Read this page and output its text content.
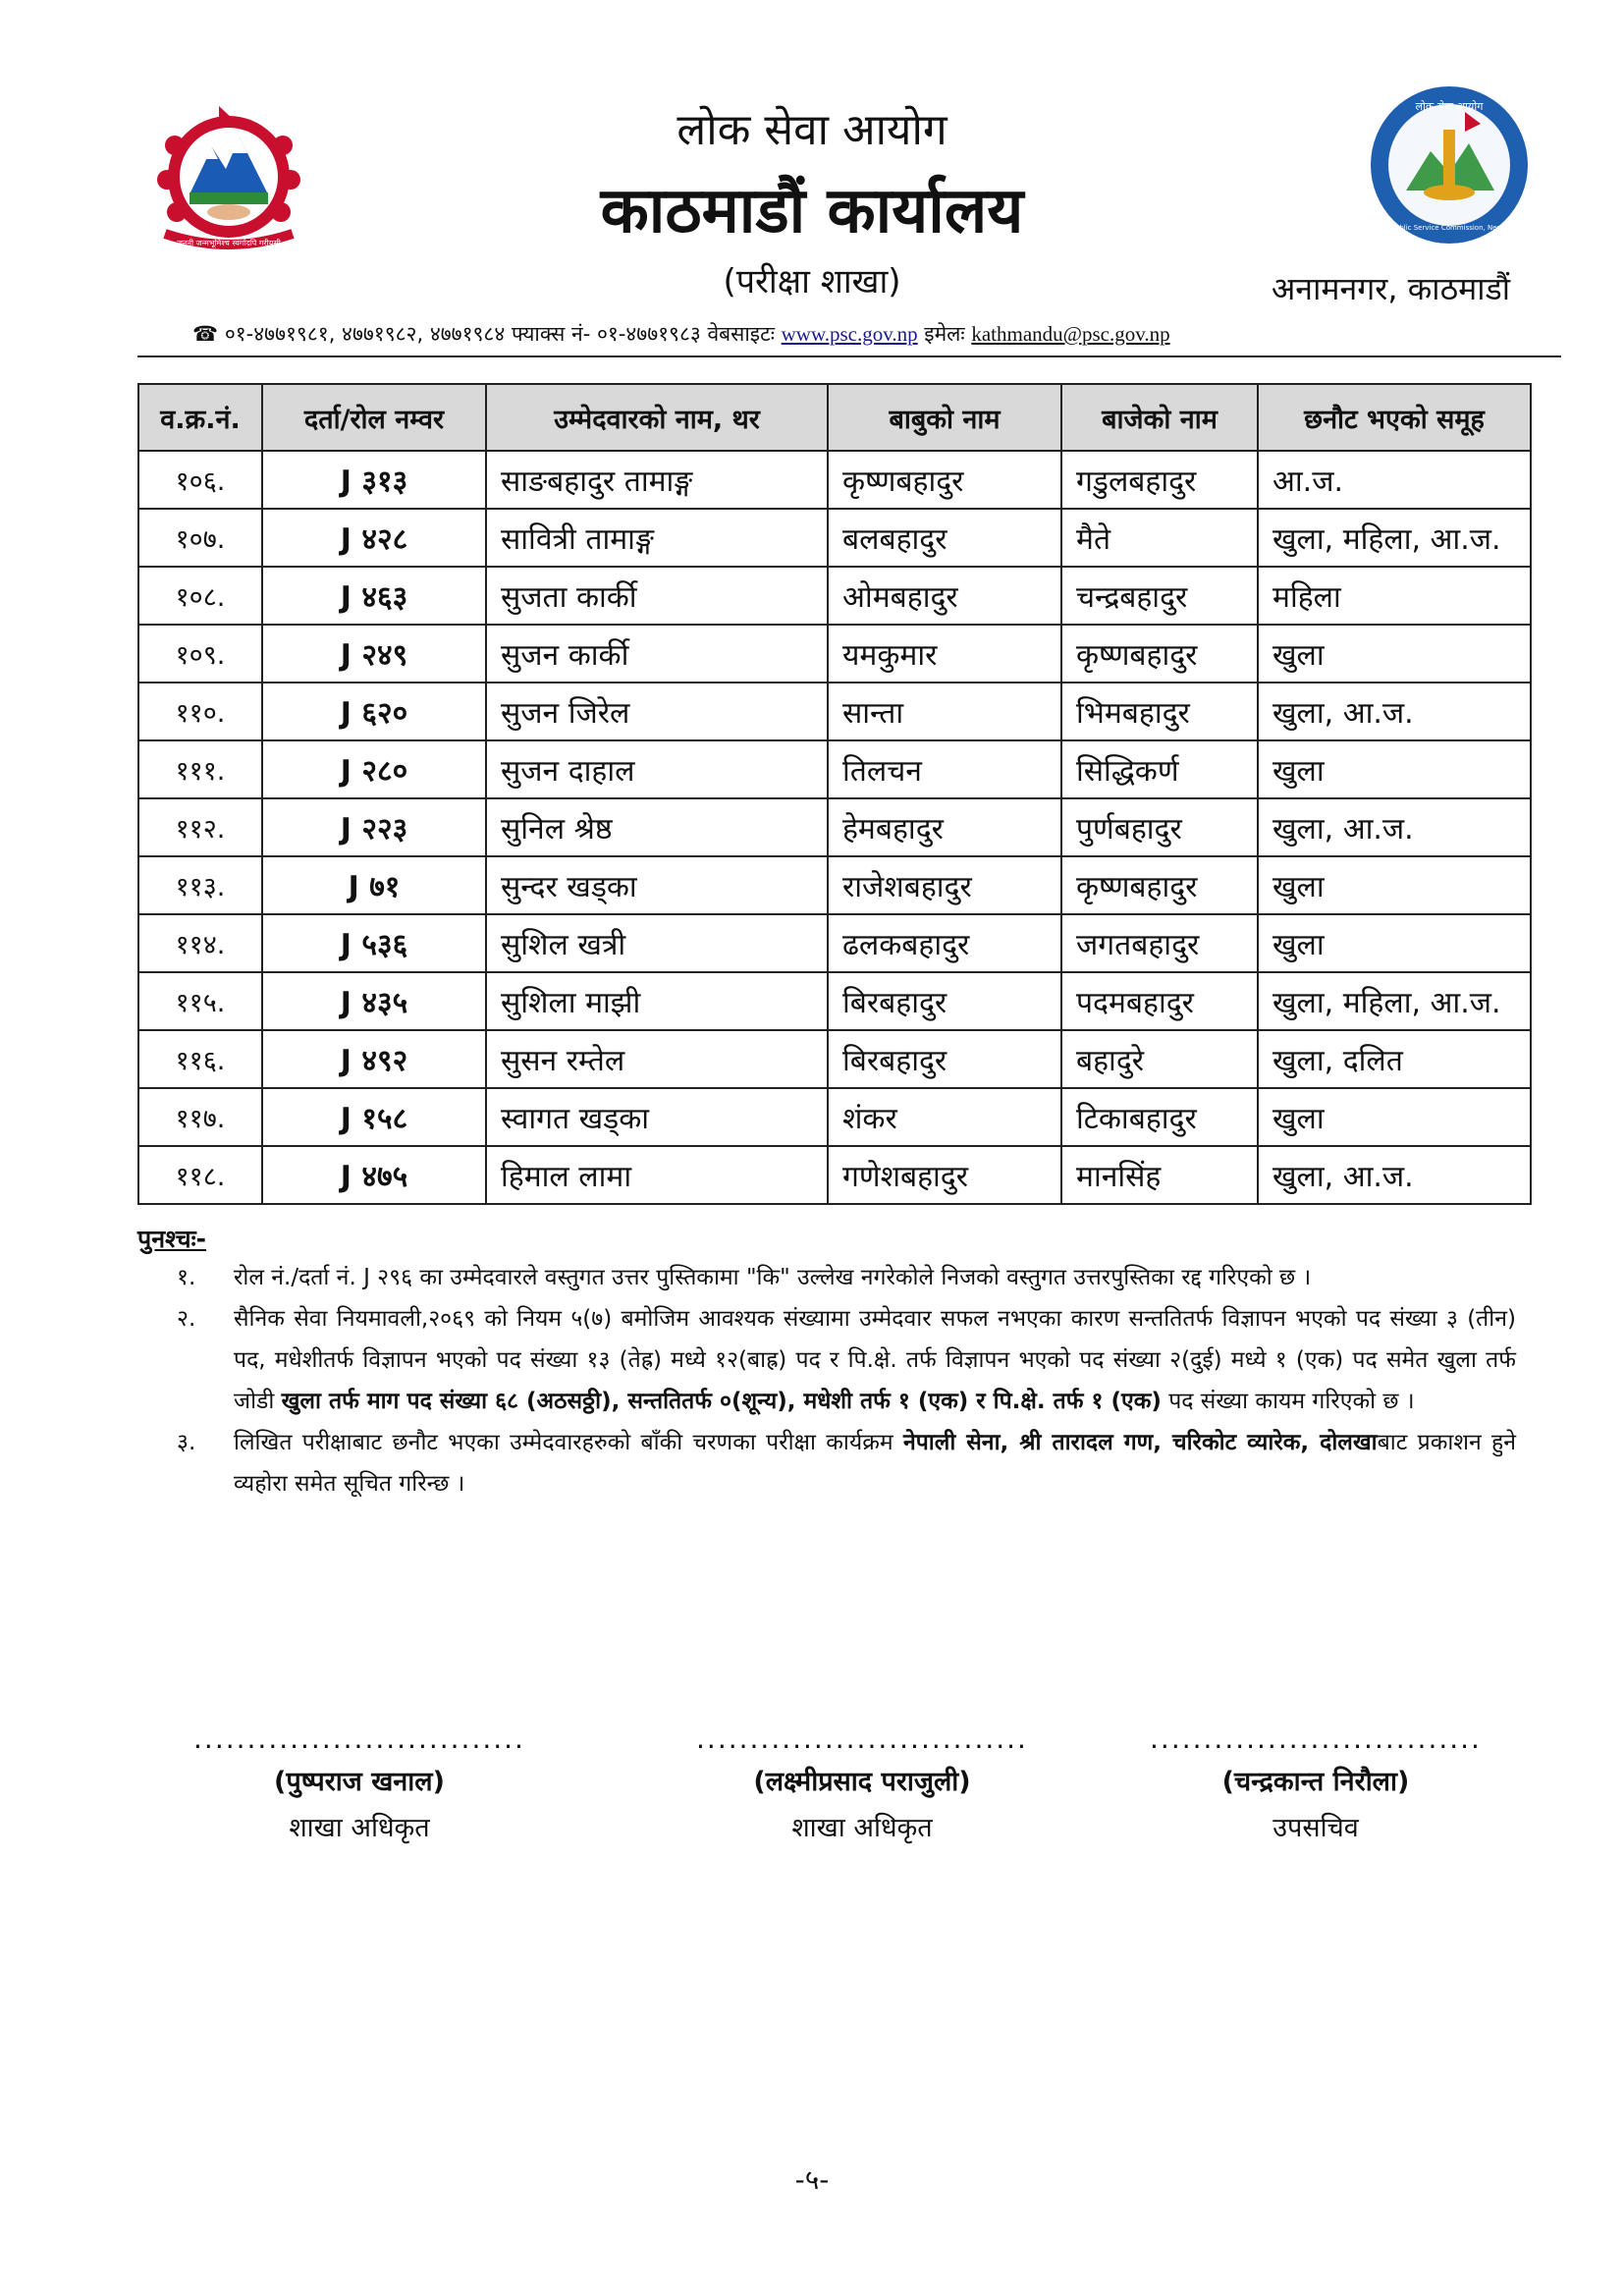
जननी जन्मभूमिश्च स्वर्गादपि गरीयसी
लोक सेवा आयोग
Public Service Commission, Nepal
लोक सेवा आयोग
काठमाडौं कार्यालय
(परीक्षा शाखा)	अनामनगर, काठमाडौं
☎ ०१-४७७१९८१, ४७७१९८२, ४७७१९८४ फ्याक्स नं- ०१-४७७१९८३ वेबसाइटः www.psc.gov.np इमेलः kathmandu@psc.gov.np
व.क्र.नं.	दर्ता/रोल नम्वर	उम्मेदवारको नाम, थर	बाबुको नाम	बाजेको नाम	छनौट भएको समूह
१०६.	J ३१३	साङबहादुर तामाङ्ग	कृष्णबहादुर	गडुलबहादुर	आ.ज.
१०७.	J ४२८	सावित्री तामाङ्ग	बलबहादुर	मैते	खुला, महिला, आ.ज.
१०८.	J ४६३	सुजता कार्की	ओमबहादुर	चन्द्रबहादुर	महिला
१०९.	J २४९	सुजन कार्की	यमकुमार	कृष्णबहादुर	खुला
११०.	J ६२०	सुजन जिरेल	सान्ता	भिमबहादुर	खुला, आ.ज.
१११.	J २८०	सुजन दाहाल	तिलचन	सिद्धिकर्ण	खुला
११२.	J २२३	सुनिल श्रेष्ठ	हेमबहादुर	पुर्णबहादुर	खुला, आ.ज.
११३.	J ७१	सुन्दर खड्का	राजेशबहादुर	कृष्णबहादुर	खुला
११४.	J ५३६	सुशिल खत्री	ढलकबहादुर	जगतबहादुर	खुला
११५.	J ४३५	सुशिला माझी	बिरबहादुर	पदमबहादुर	खुला, महिला, आ.ज.
११६.	J ४९२	सुसन रम्तेल	बिरबहादुर	बहादुरे	खुला, दलित
११७.	J १५८	स्वागत खड्का	शंकर	टिकाबहादुर	खुला
११८.	J ४७५	हिमाल लामा	गणेशबहादुर	मानसिंह	खुला, आ.ज.
पुनश्चः-
१. रोल नं./दर्ता नं. J २९६ का उम्मेदवारले वस्तुगत उत्तर पुस्तिकामा "कि" उल्लेख नगरेकोले निजको वस्तुगत उत्तरपुस्तिका रद्द गरिएको छ ।
२. सैनिक सेवा नियमावली,२०६९ को नियम ५(७) बमोजिम आवश्यक संख्यामा उम्मेदवार सफल नभएका कारण सन्ततितर्फ विज्ञापन भएको पद संख्या ३ (तीन) पद, मधेशीतर्फ विज्ञापन भएको पद संख्या १३ (तेह्र) मध्ये १२(बाह्र) पद र पि.क्षे. तर्फ विज्ञापन भएको पद संख्या २(दुई) मध्ये १ (एक) पद समेत खुला तर्फ जोडी खुला तर्फ माग पद संख्या ६८ (अठसठ्ठी), सन्ततितर्फ ०(शून्य), मधेशी तर्फ १ (एक) र पि.क्षे. तर्फ १ (एक) पद संख्या कायम गरिएको छ ।
३. लिखित परीक्षाबाट छनौट भएका उम्मेदवारहरुको बाँकी चरणका परीक्षा कार्यक्रम नेपाली सेना, श्री तारादल गण, चरिकोट व्यारेक, दोलखाबाट प्रकाशन हुने व्यहोरा समेत सूचित गरिन्छ ।
...............................
(पुष्पराज खनाल)
शाखा अधिकृत
...............................
(लक्ष्मीप्रसाद पराजुली)
शाखा अधिकृत
...............................
(चन्द्रकान्त निरौला)
उपसचिव
-५-
